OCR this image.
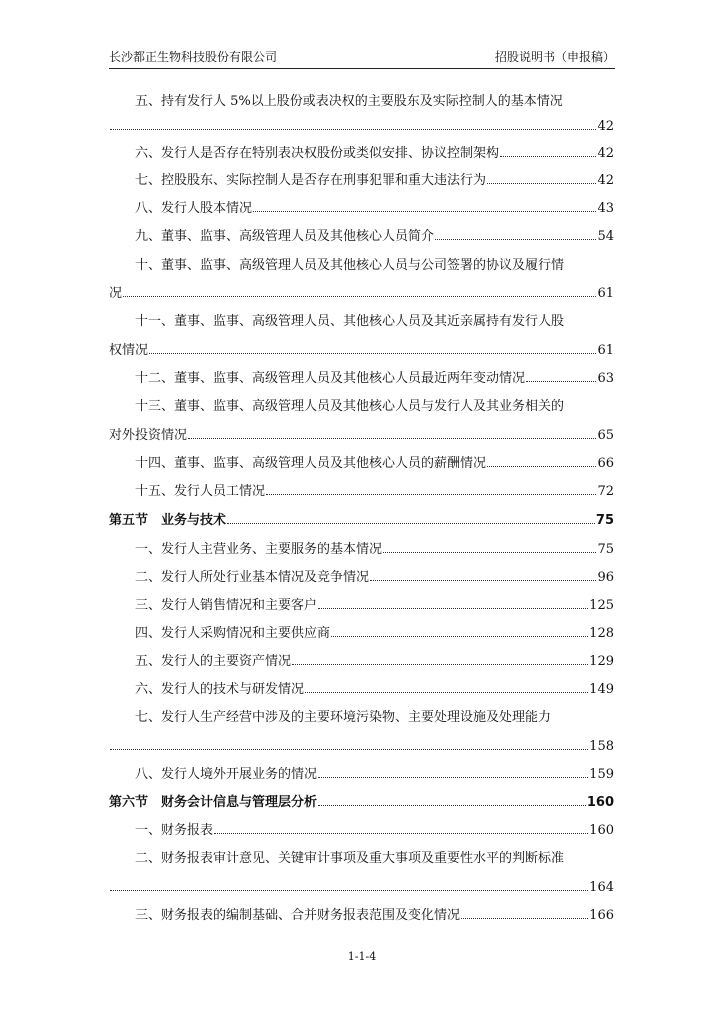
长沙都正生物科技股份有限公司	招股说明书（申报稿）
五、持有发行人 5%以上股份或表决权的主要股东及实际控制人的基本情况
42
六、发行人是否存在特别表决权股份或类似安排、协议控制架构	42
七、控股股东、实际控制人是否存在刑事犯罪和重大违法行为	42
八、发行人股本情况	43
九、董事、监事、高级管理人员及其他核心人员简介	54
十、董事、监事、高级管理人员及其他核心人员与公司签署的协议及履行情
况	61
十一、董事、监事、高级管理人员、其他核心人员及其近亲属持有发行人股
权情况	61
十二、董事、监事、高级管理人员及其他核心人员最近两年变动情况	63
十三、董事、监事、高级管理人员及其他核心人员与发行人及其业务相关的
对外投资情况	65
十四、董事、监事、高级管理人员及其他核心人员的薪酬情况	66
十五、发行人员工情况	72
第五节　业务与技术	75
一、发行人主营业务、主要服务的基本情况	75
二、发行人所处行业基本情况及竞争情况	96
三、发行人销售情况和主要客户	125
四、发行人采购情况和主要供应商	128
五、发行人的主要资产情况	129
六、发行人的技术与研发情况	149
七、发行人生产经营中涉及的主要环境污染物、主要处理设施及处理能力
158
八、发行人境外开展业务的情况	159
第六节　财务会计信息与管理层分析	160
一、财务报表	160
二、财务报表审计意见、关键审计事项及重大事项及重要性水平的判断标准
164
三、财务报表的编制基础、合并财务报表范围及变化情况	166
1-1-4
